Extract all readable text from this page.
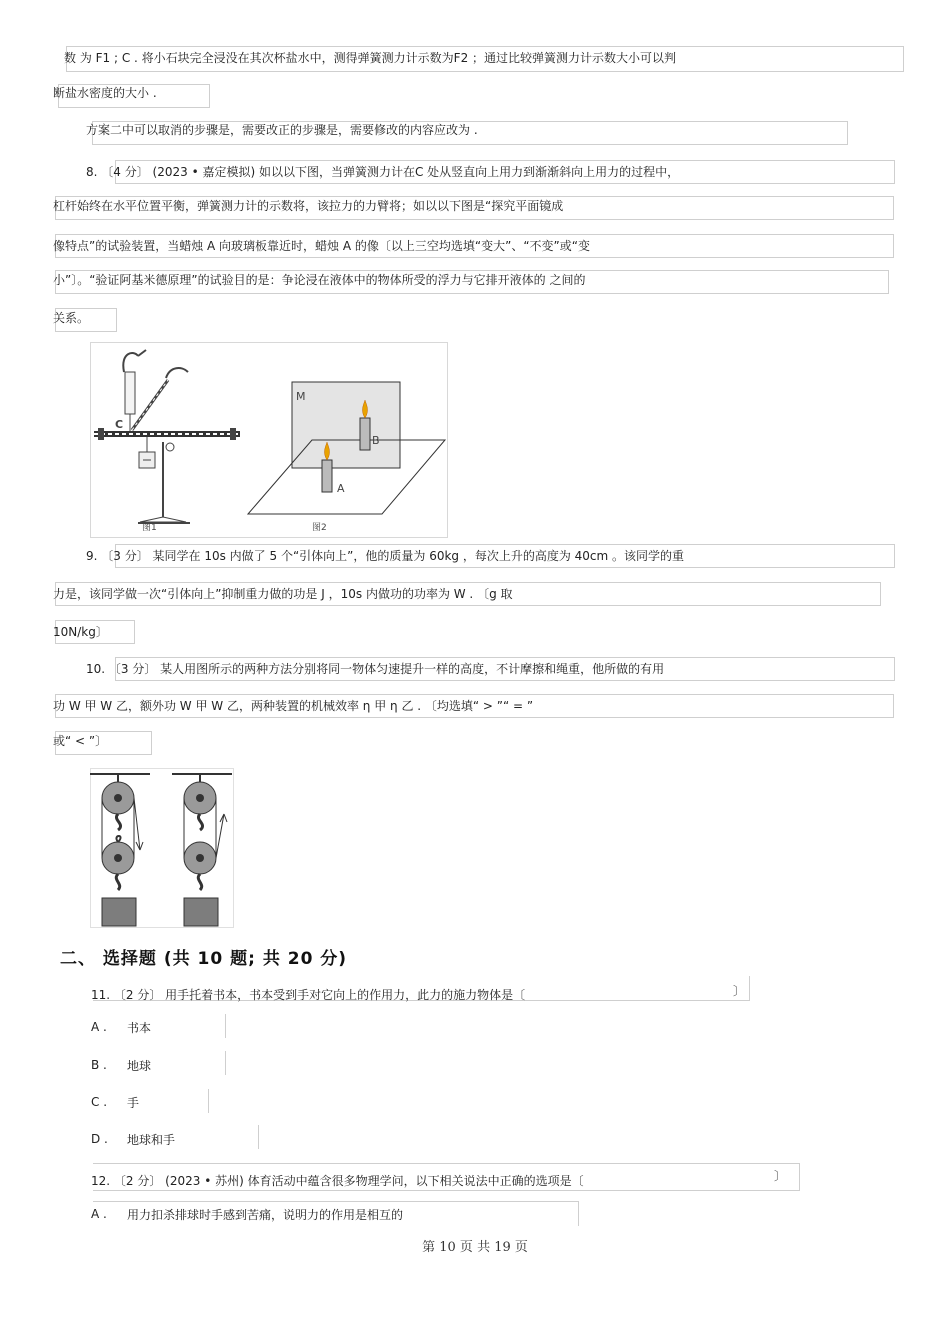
数 为 F1 ; C . 将小石块完全浸没在其次杯盐水中，测得弹簧测力计示数为F2 ；通过比较弹簧测力计示数大小可以判
断盐水密度的大小 .
方案二中可以取消的步骤是，需要改正的步骤是，需要修改的内容应改为 .
8. 〔4 分〕 (2023 • 嘉定模拟) 如以以下图，当弹簧测力计在C 处从竖直向上用力到渐渐斜向上用力的过程中，
杠杆始终在水平位置平衡，弹簧测力计的示数将，该拉力的力臂将；如以以下图是“探究平面镜成
像特点”的试验装置，当蜡烛 A 向玻璃板靠近时，蜡烛 A 的像〔以上三空均选填“变大”、“不变”或“变
小”〕。“验证阿基米德原理”的试验目的是：争论浸在液体中的物体所受的浮力与它排开液体的 之间的
关系。
C
图1
M
A
B
图2
9. 〔3 分〕 某同学在 10s 内做了 5 个“引体向上”，他的质量为 60kg ，每次上升的高度为 40cm 。该同学的重
力是，该同学做一次“引体向上”抑制重力做的功是 J ，10s 内做功的功率为 W . 〔g 取
10N/kg〕
10. 〔3 分〕 某人用图所示的两种方法分别将同一物体匀速提升一样的高度，不计摩擦和绳重，他所做的有用
功 W 甲 W 乙，额外功 W 甲 W 乙，两种装置的机械效率 η 甲 η 乙 . 〔均选填“ > ”“ = ”
或“ < ”〕
二、 选择题 (共 10 题; 共 20 分)
11. 〔2 分〕 用手托着书本，书本受到手对它向上的作用力，此力的施力物体是〔	〕
A . 书本
B . 地球
C . 手
D . 地球和手
12. 〔2 分〕 (2023 • 苏州) 体育活动中蕴含很多物理学问，以下相关说法中正确的选项是〔	〕
A . 用力扣杀排球时手感到苦痛，说明力的作用是相互的
第 10 页 共 19 页
